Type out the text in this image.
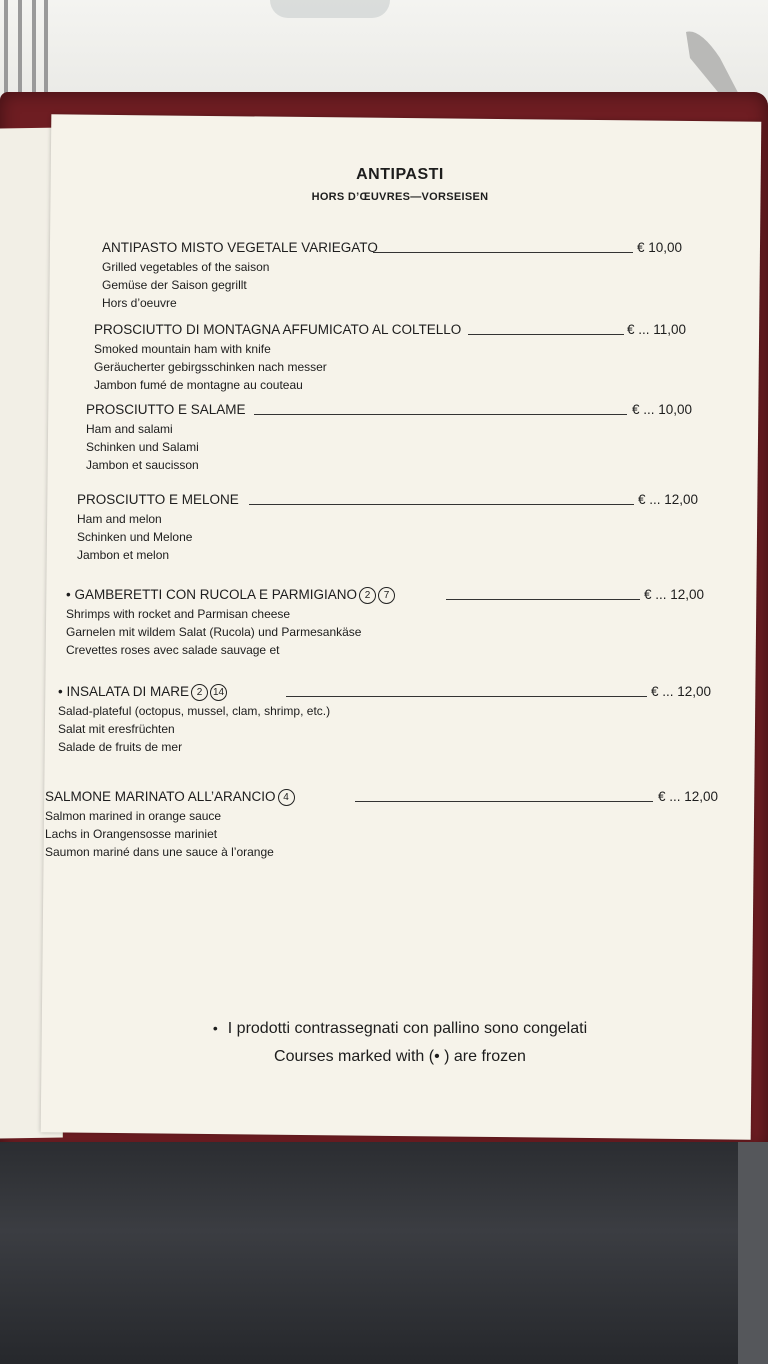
ANTIPASTI
HORS D’ŒUVRES—VORSEISEN
ANTIPASTO MISTO VEGETALE VARIEGATO	€ 10,00
Grilled vegetables of the saison
Gemüse der Saison gegrillt
Hors d’oeuvre
PROSCIUTTO DI MONTAGNA AFFUMICATO AL COLTELLO	€ ... 11,00
Smoked mountain ham with knife
Geräucherter gebirgsschinken nach messer
Jambon fumé de montagne au couteau
PROSCIUTTO E SALAME	€ ... 10,00
Ham and salami
Schinken und Salami
Jambon et saucisson
PROSCIUTTO E MELONE	€ ... 12,00
Ham and melon
Schinken und Melone
Jambon et melon
• GAMBERETTI CON RUCOLA E PARMIGIANO 2 7	€ ... 12,00
Shrimps with rocket and Parmisan cheese
Garnelen mit wildem Salat (Rucola) und Parmesankäse
Crevettes roses avec salade sauvage et
• INSALATA DI MARE 2 14	€ ... 12,00
Salad-plateful (octopus, mussel, clam, shrimp, etc.)
Salat mit eresfrüchten
Salade de fruits de mer
SALMONE MARINATO ALL’ARANCIO 4	€ ... 12,00
Salmon marined in orange sauce
Lachs in Orangensosse mariniet
Saumon mariné dans une sauce à l’orange
• I prodotti contrassegnati con pallino sono congelati
Courses marked with (• ) are frozen
